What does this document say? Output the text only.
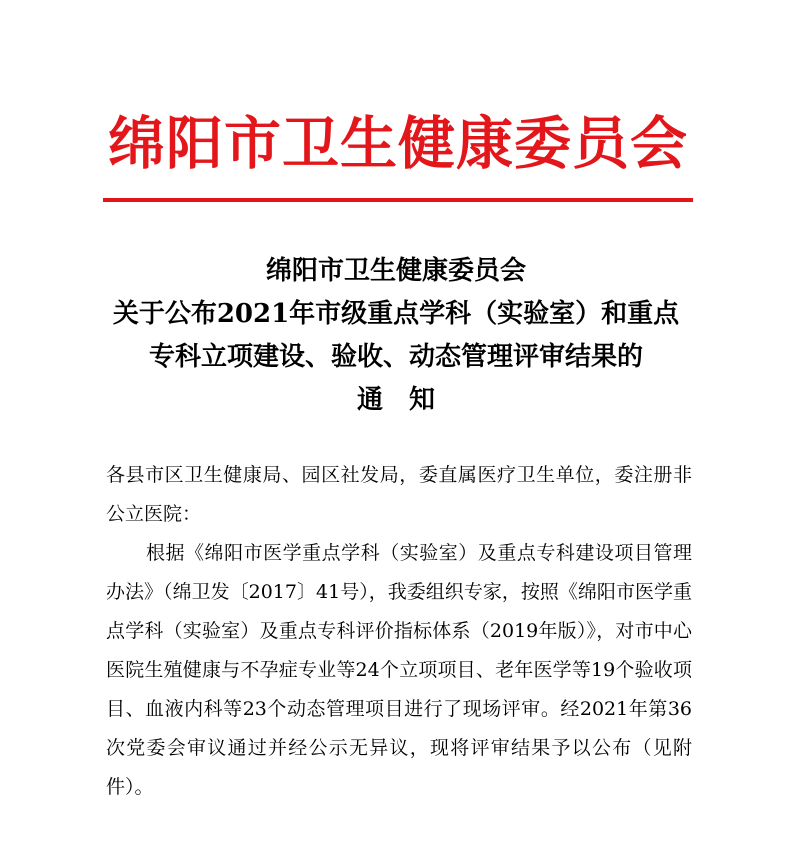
绵阳市卫生健康委员会
绵阳市卫生健康委员会
关于公布2021年市级重点学科（实验室）和重点
专科立项建设、验收、动态管理评审结果的
通知

各县市区卫生健康局、园区社发局，委直属医疗卫生单位，委注册非公立医院：

根据《绵阳市医学重点学科（实验室）及重点专科建设项目管理办法》（绵卫发〔2017〕41号），我委组织专家，按照《绵阳市医学重点学科（实验室）及重点专科评价指标体系（2019年版）》，对市中心医院生殖健康与不孕症专业等24个立项项目、老年医学等19个验收项目、血液内科等23个动态管理项目进行了现场评审。经2021年第36次党委会审议通过并经公示无异议，现将评审结果予以公布（见附件）。
